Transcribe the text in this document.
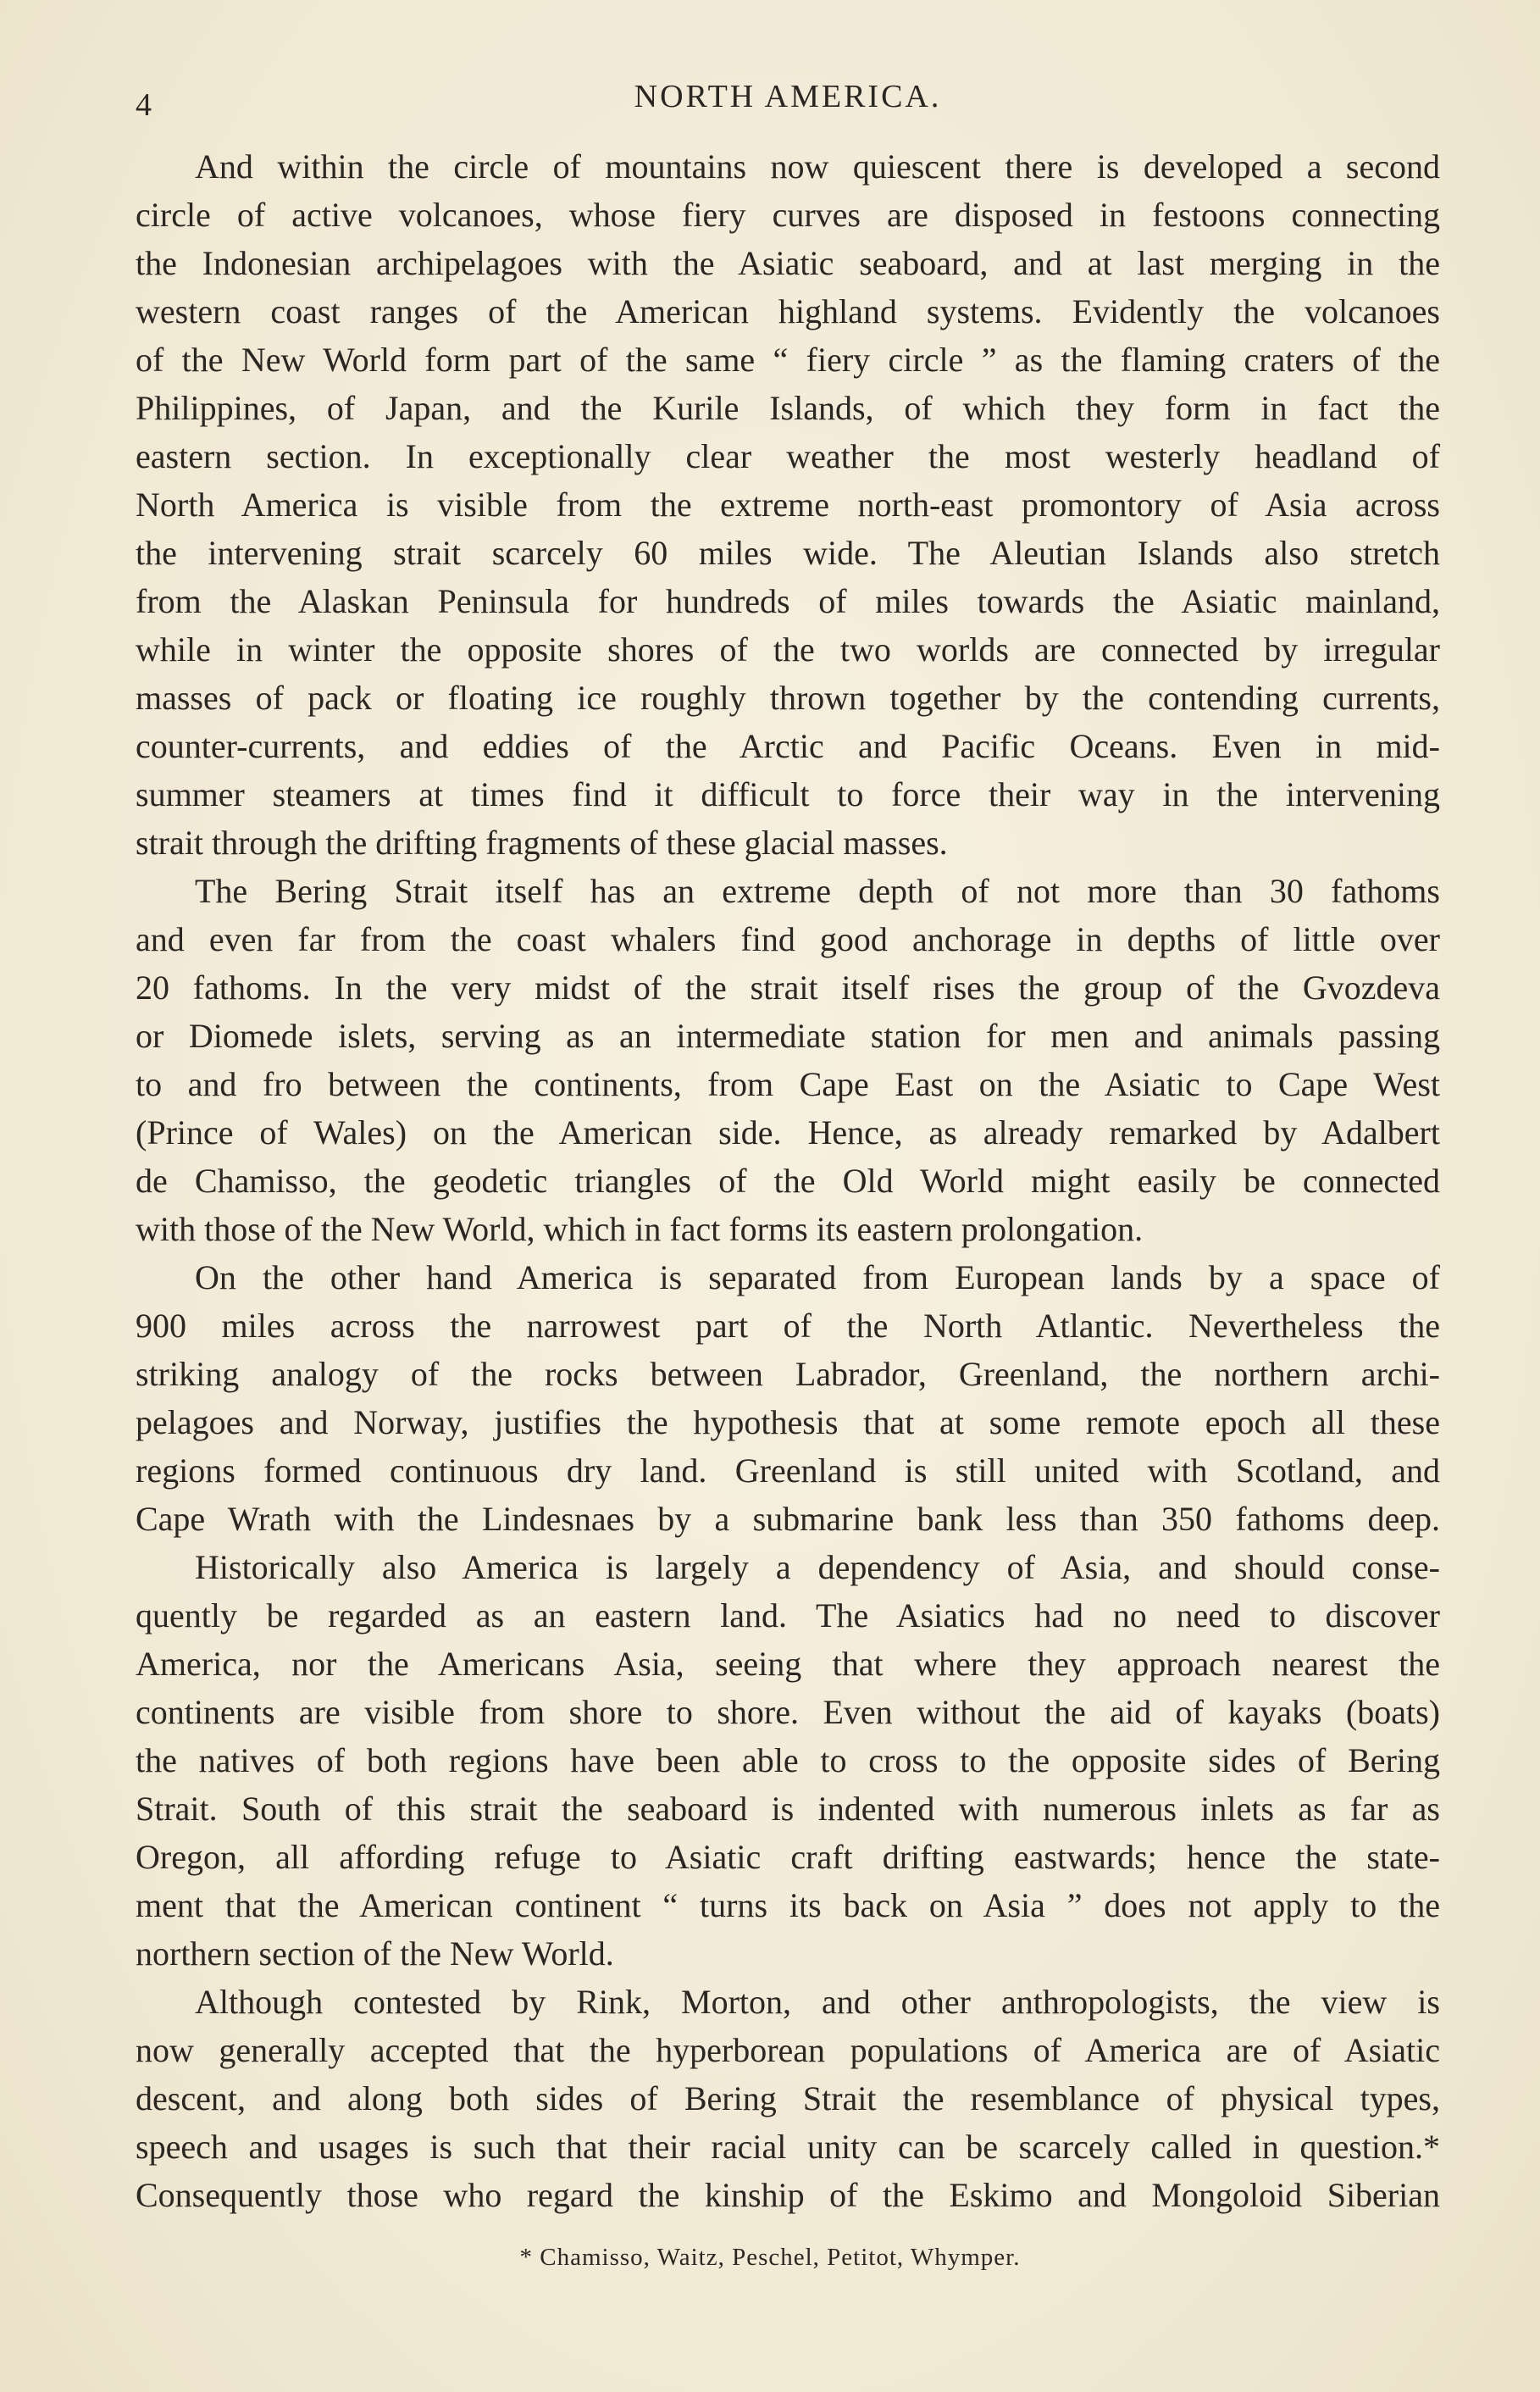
4	NORTH AMERICA.
And within the circle of mountains now quiescent there is developed a second
circle of active volcanoes, whose fiery curves are disposed in festoons connecting
the Indonesian archipelagoes with the Asiatic seaboard, and at last merging in the
western coast ranges of the American highland systems. Evidently the volcanoes
of the New World form part of the same “ fiery circle ” as the flaming craters of the
Philippines, of Japan, and the Kurile Islands, of which they form in fact the
eastern section. In exceptionally clear weather the most westerly headland of
North America is visible from the extreme north-east promontory of Asia across
the intervening strait scarcely 60 miles wide. The Aleutian Islands also stretch
from the Alaskan Peninsula for hundreds of miles towards the Asiatic mainland,
while in winter the opposite shores of the two worlds are connected by irregular
masses of pack or floating ice roughly thrown together by the contending currents,
counter-currents, and eddies of the Arctic and Pacific Oceans. Even in mid-
summer steamers at times find it difficult to force their way in the intervening
strait through the drifting fragments of these glacial masses.
The Bering Strait itself has an extreme depth of not more than 30 fathoms
and even far from the coast whalers find good anchorage in depths of little over
20 fathoms. In the very midst of the strait itself rises the group of the Gvozdeva
or Diomede islets, serving as an intermediate station for men and animals passing
to and fro between the continents, from Cape East on the Asiatic to Cape West
(Prince of Wales) on the American side. Hence, as already remarked by Adalbert
de Chamisso, the geodetic triangles of the Old World might easily be connected
with those of the New World, which in fact forms its eastern prolongation.
On the other hand America is separated from European lands by a space of
900 miles across the narrowest part of the North Atlantic. Nevertheless the
striking analogy of the rocks between Labrador, Greenland, the northern archi-
pelagoes and Norway, justifies the hypothesis that at some remote epoch all these
regions formed continuous dry land. Greenland is still united with Scotland, and
Cape Wrath with the Lindesnaes by a submarine bank less than 350 fathoms deep.
Historically also America is largely a dependency of Asia, and should conse-
quently be regarded as an eastern land. The Asiatics had no need to discover
America, nor the Americans Asia, seeing that where they approach nearest the
continents are visible from shore to shore. Even without the aid of kayaks (boats)
the natives of both regions have been able to cross to the opposite sides of Bering
Strait. South of this strait the seaboard is indented with numerous inlets as far as
Oregon, all affording refuge to Asiatic craft drifting eastwards; hence the state-
ment that the American continent “ turns its back on Asia ” does not apply to the
northern section of the New World.
Although contested by Rink, Morton, and other anthropologists, the view is
now generally accepted that the hyperborean populations of America are of Asiatic
descent, and along both sides of Bering Strait the resemblance of physical types,
speech and usages is such that their racial unity can be scarcely called in question.*
Consequently those who regard the kinship of the Eskimo and Mongoloid Siberian
* Chamisso, Waitz, Peschel, Petitot, Whymper.
